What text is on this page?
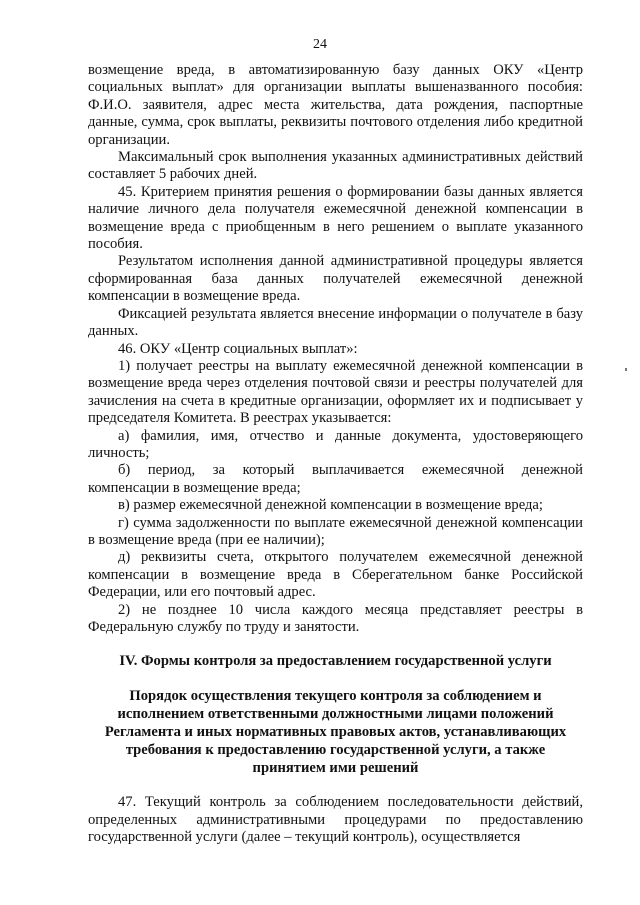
24

возмещение вреда, в автоматизированную базу данных ОКУ «Центр социальных выплат» для организации выплаты вышеназванного пособия: Ф.И.О. заявителя, адрес места жительства, дата рождения, паспортные данные, сумма, срок выплаты, реквизиты почтового отделения либо кредитной организации.

Максимальный срок выполнения указанных административных действий составляет 5 рабочих дней.

45. Критерием принятия решения о формировании базы данных является наличие личного дела получателя ежемесячной денежной компенсации в возмещение вреда с приобщенным в него решением о выплате указанного пособия.

Результатом исполнения данной административной процедуры является сформированная база данных получателей ежемесячной денежной компенсации в возмещение вреда.

Фиксацией результата является внесение информации о получателе в базу данных.

46. ОКУ «Центр социальных выплат»:

1) получает реестры на выплату ежемесячной денежной компенсации в возмещение вреда через отделения почтовой связи и реестры получателей для зачисления на счета в кредитные организации, оформляет их и подписывает у председателя Комитета. В реестрах указывается:

а) фамилия, имя, отчество и данные документа, удостоверяющего личность;

б) период, за который выплачивается ежемесячной денежной компенсации в возмещение вреда;

в) размер ежемесячной денежной компенсации в возмещение вреда;

г) сумма задолженности по выплате ежемесячной денежной компенсации в возмещение вреда (при ее наличии);

д) реквизиты счета, открытого получателем ежемесячной денежной компенсации в возмещение вреда в Сберегательном банке Российской Федерации, или его почтовый адрес.

2) не позднее 10 числа каждого месяца представляет реестры в Федеральную службу по труду и занятости.

IV. Формы контроля за предоставлением государственной услуги

Порядок осуществления текущего контроля за соблюдением и

исполнением ответственными должностными лицами положений

Регламента и иных нормативных правовых актов, устанавливающих

требования к предоставлению государственной услуги, а также

принятием ими решений

47. Текущий контроль за соблюдением последовательности действий, определенных административными процедурами по предоставлению государственной услуги (далее – текущий контроль), осуществляется
